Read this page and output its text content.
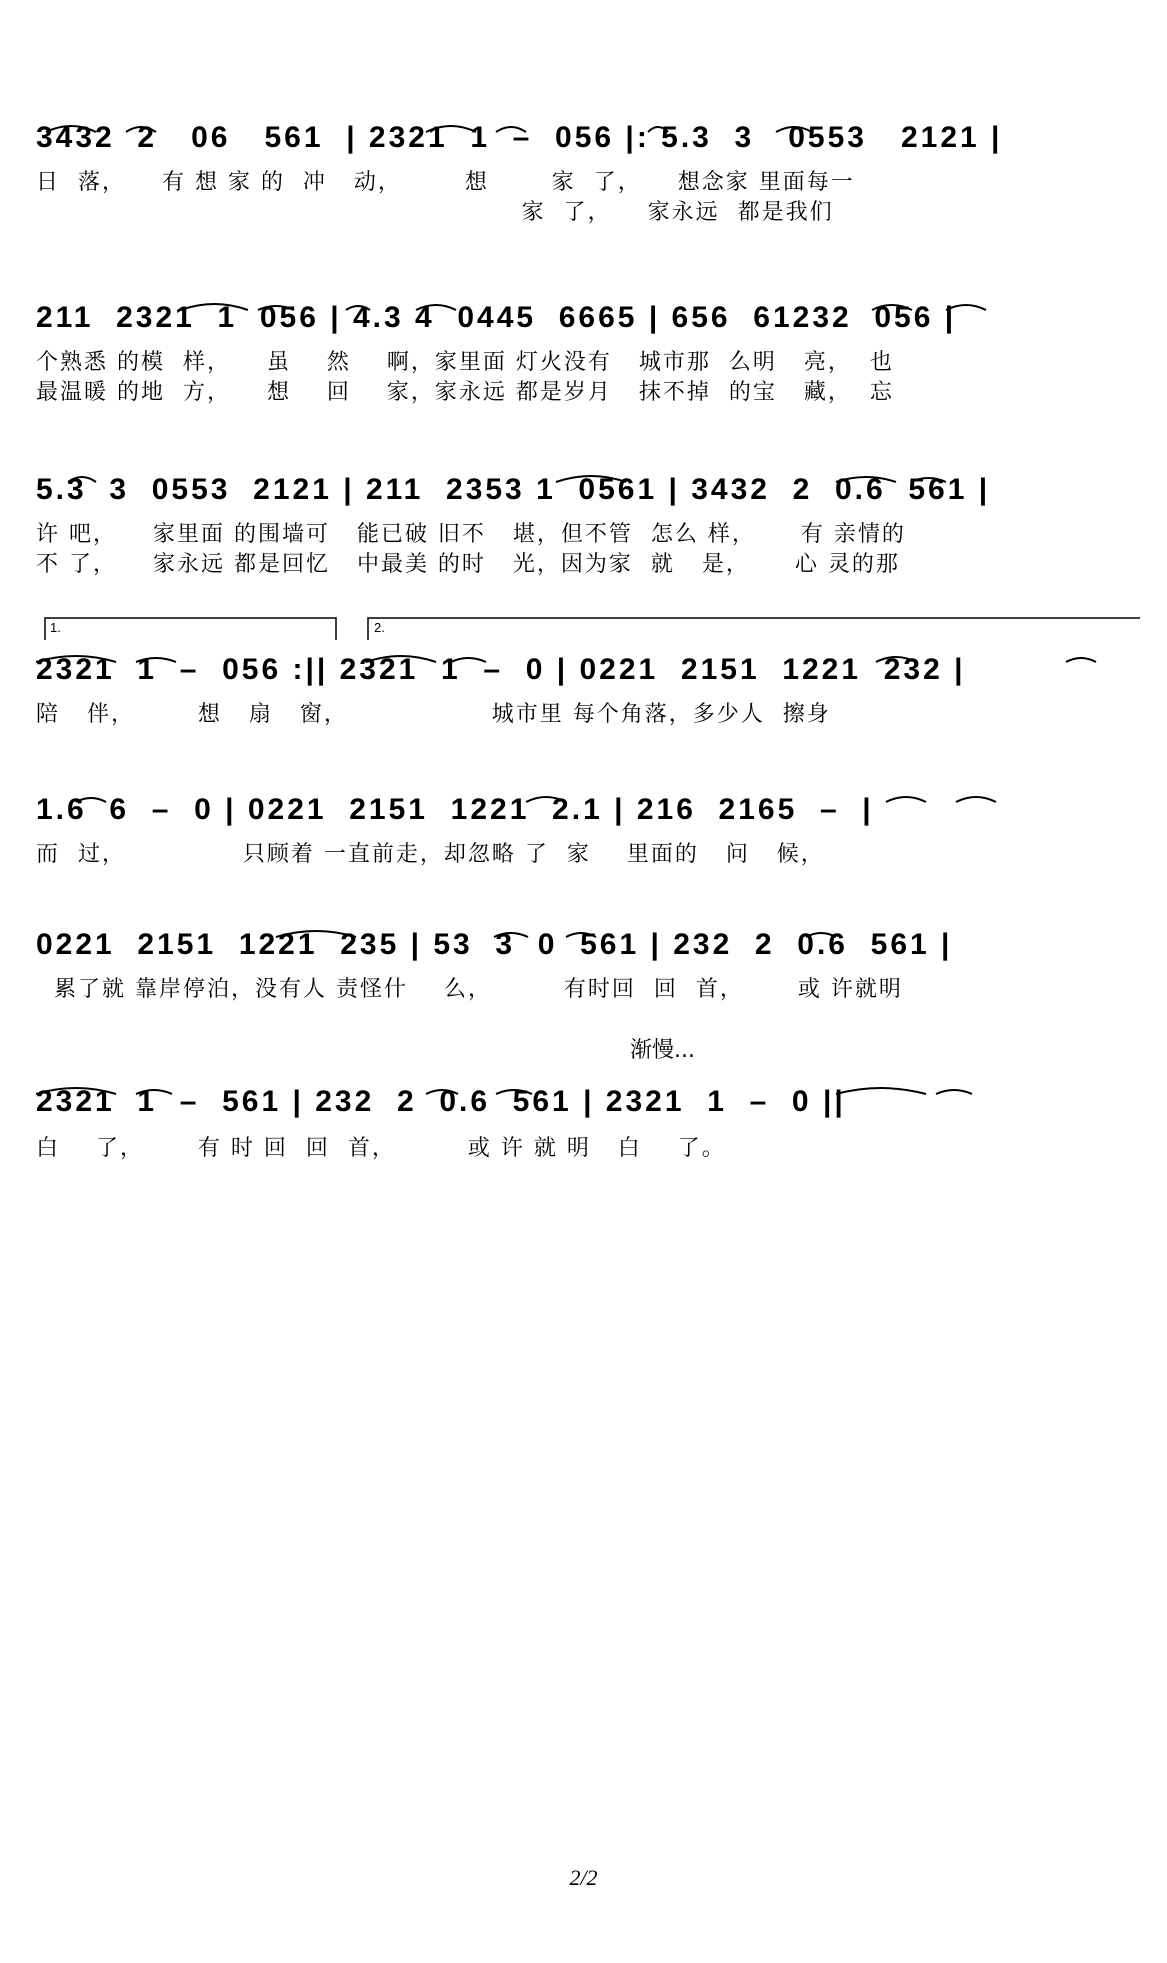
3432  2   06   561  | 2321  1  –  056 |: 5.3  3   0553   2121 |
日  落，    有 想 家 的  冲   动，       想       家  了，    想念家 里面每一
家  了，    家永远  都是我们
211  2321  1  056 | 4.3 4  0445  6665 | 656  61232  056 |
个熟悉 的模  样，    虽    然    啊，家里面 灯火没有   城市那  么明   亮，  也
最温暖 的地  方，    想    回    家，家永远 都是岁月   抹不掉  的宝   藏，  忘
5.3  3  0553  2121 | 211  2353 1  0561 | 3432  2  0.6  561 |
许 吧，    家里面 的围墙可   能已破 旧不   堪，但不管  怎么 样，     有 亲情的
不 了，    家永远 都是回忆   中最美 的时   光，因为家  就   是，     心 灵的那
1.	2.
2321  1  –  056 :|| 2321  1  –  0 | 0221  2151  1221  232 |
陪   伴，       想   扇   窗，                城市里 每个角落，多少人  擦身
1.6  6  –  0 | 0221  2151  1221  2.1 | 216  2165  –  |
而  过，             只顾着 一直前走，却忽略 了  家    里面的   问   候，
0221  2151  1221  235 | 53  3  0  561 | 232  2  0.6  561 |
累了就 靠岸停泊，没有人 责怪什    么，        有时回  回  首，      或 许就明
渐慢...
2321  1  –  561 | 232  2  0.6  561 | 2321  1  –  0 ||
白    了，      有 时 回  回  首，        或 许 就 明   白    了。
2/2
